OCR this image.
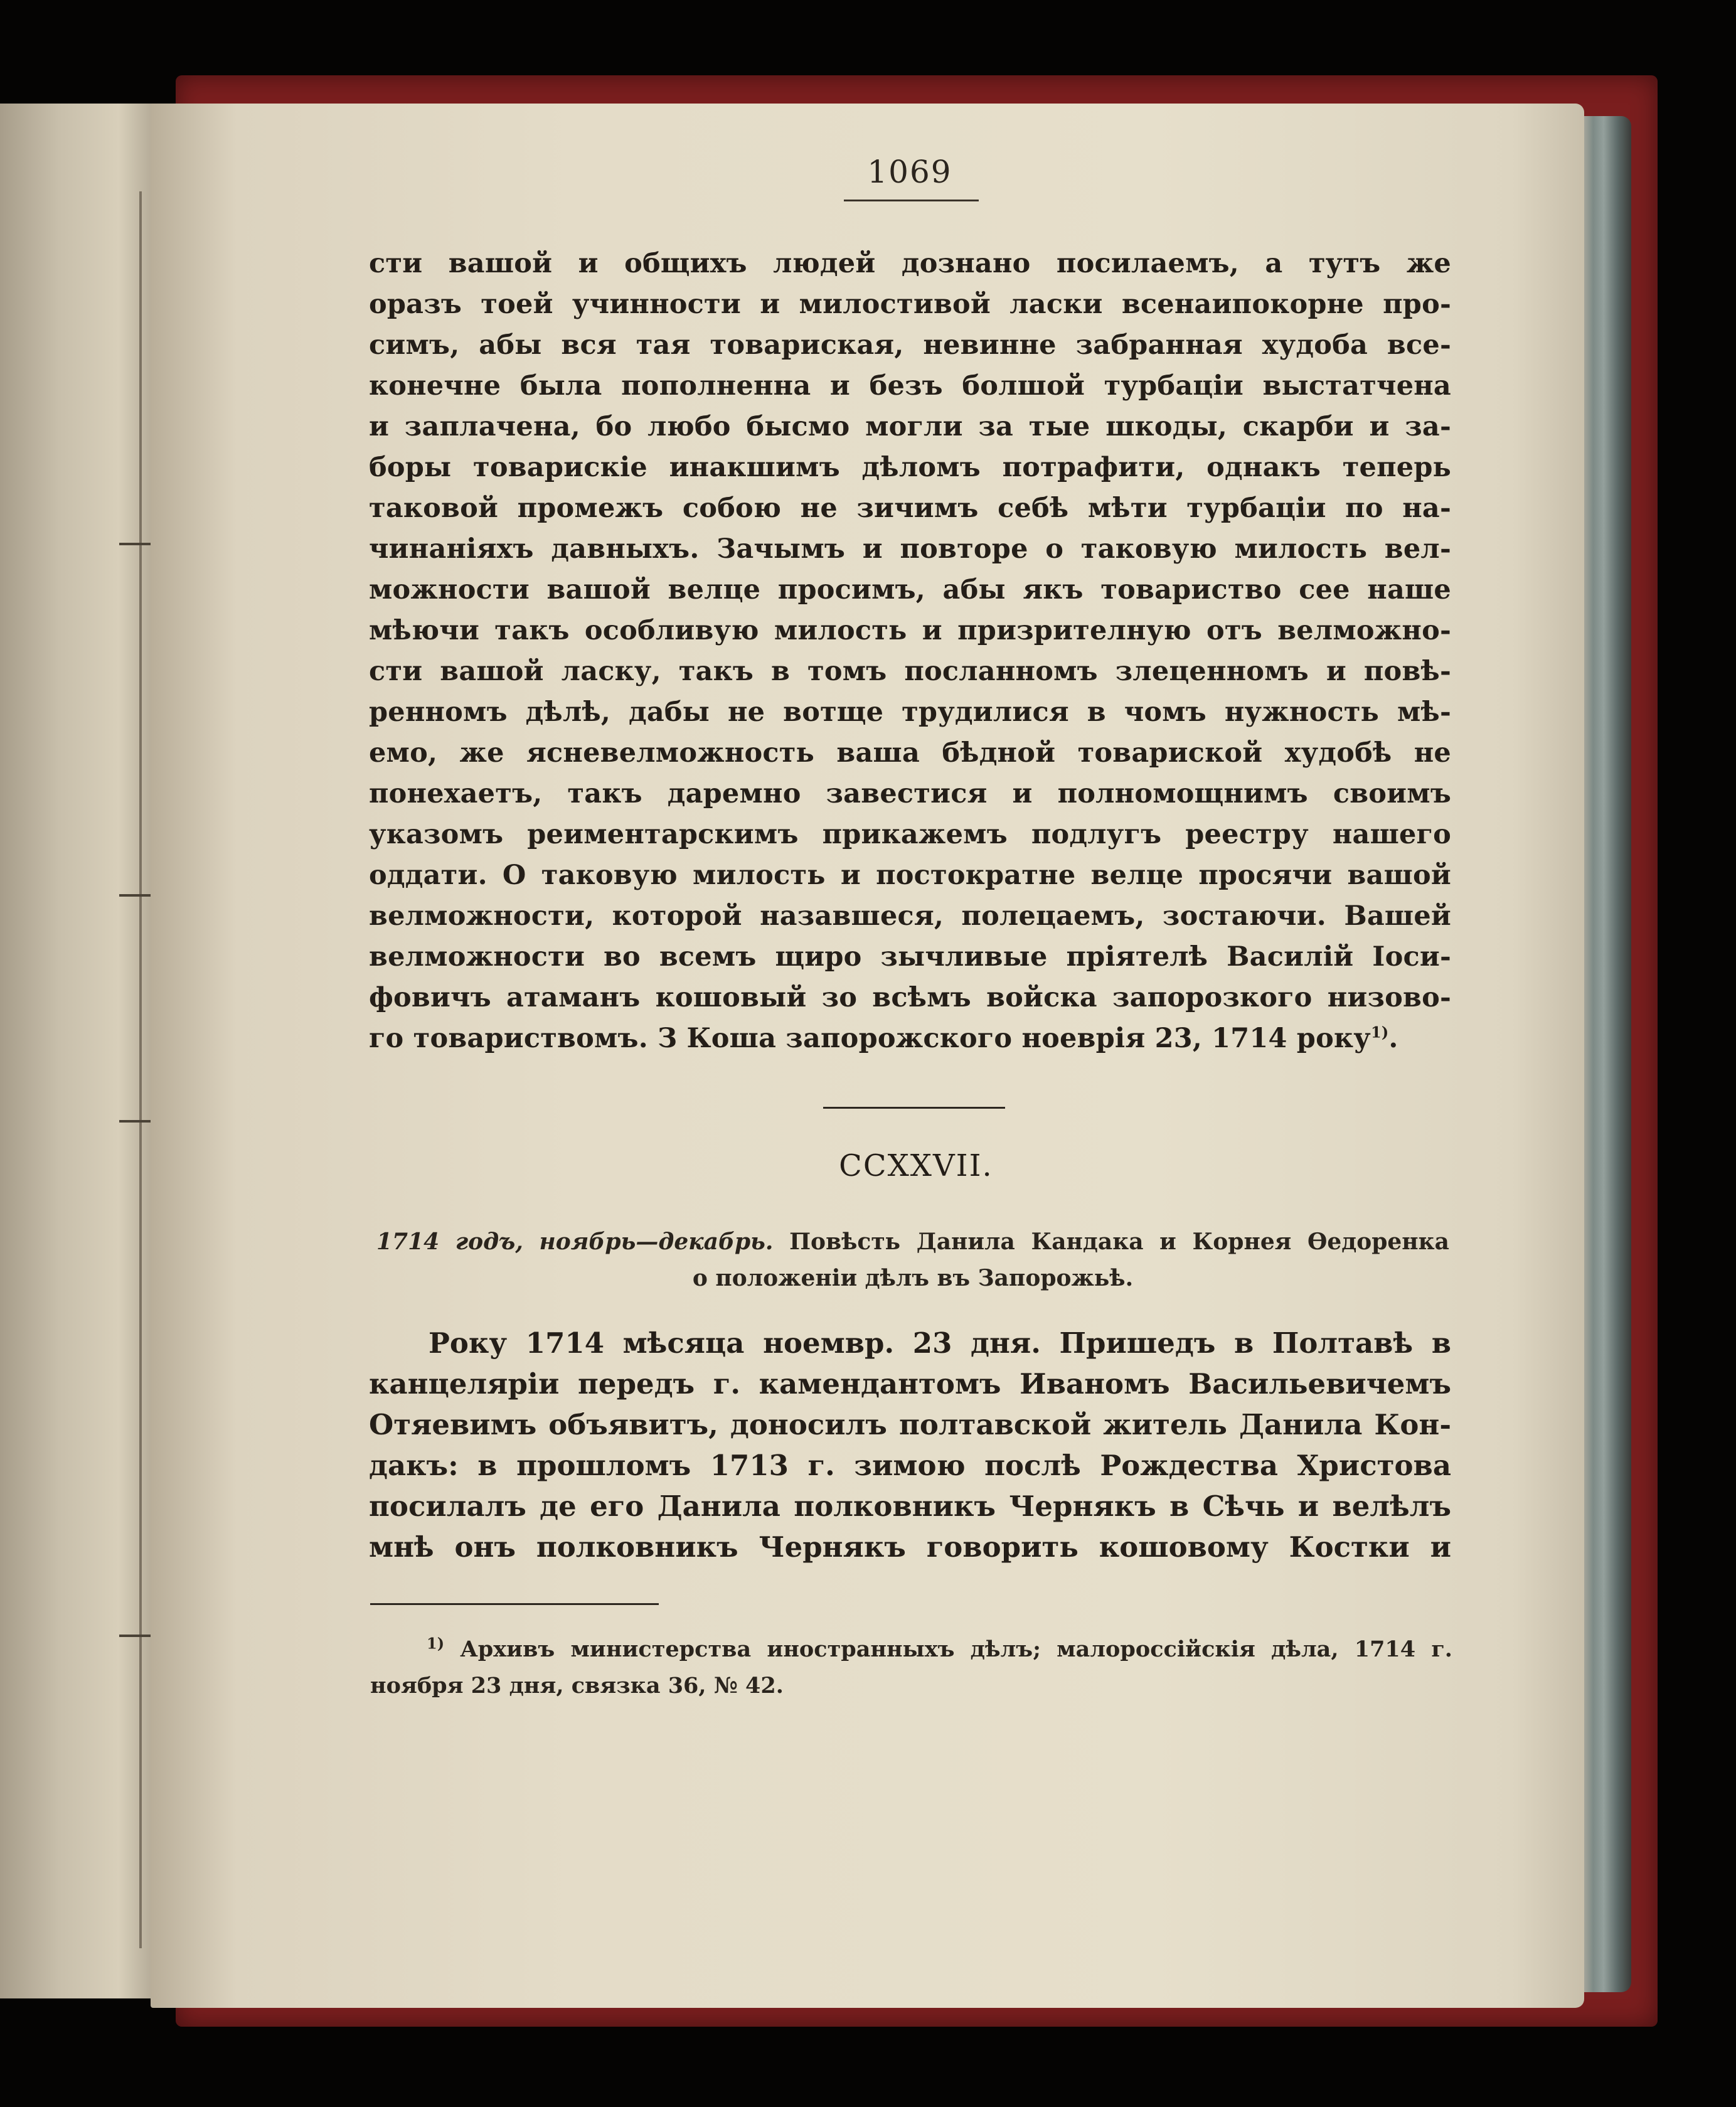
1069
сти вашой и общихъ людей дознано посилаемъ, а тутъ же
оразъ тоей учинности и милостивой ласки всенаипокорне про-
симъ, абы вся тая товариская, невинне забранная худоба все-
конечне была пополненна и безъ болшой турбаціи выстатчена
и заплачена, бо любо бысмо могли за тые шкоды, скарби и за-
боры товарискіе инакшимъ дѣломъ потрафити, однакъ теперь
таковой промежъ собою не зичимъ себѣ мѣти турбаціи по на-
чинаніяхъ давныхъ. Зачымъ и повторе о таковую милость вел-
можности вашой велце просимъ, абы якъ товариство сее наше
мѣючи такъ особливую милость и призрителную отъ велможно-
сти вашой ласку, такъ в томъ посланномъ злеценномъ и повѣ-
ренномъ дѣлѣ, дабы не вотще трудилися в чомъ нужность мѣ-
емо, же ясневелможность ваша бѣдной товариской худобѣ не
понехаетъ, такъ даремно завестися и полномощнимъ своимъ
указомъ реиментарскимъ прикажемъ подлугъ реестру нашего
оддати. О таковую милость и постократне велце просячи вашой
велможности, которой назавшеся, полецаемъ, зостаючи. Вашей
велможности во всемъ щиро зычливые пріятелѣ Василій Іоси-
фовичъ атаманъ кошовый зо всѣмъ войска запорозкого низово-
го товариствомъ. З Коша запорожского ноеврія 23, 1714 року$^{1)}$.
CCXXVII.
1714 годъ, ноябрь—декабрь. Повѣсть Данила Кандака и Корнея Ѳедоренка
о положеніи дѣлъ въ Запорожьѣ.
Року 1714 мѣсяца ноемвр. 23 дня. Пришедъ в Полтавѣ в
канцеляріи передъ г. камендантомъ Иваномъ Васильевичемъ
Отяевимъ объявитъ, доносилъ полтавской житель Данила Кон-
дакъ: в прошломъ 1713 г. зимою послѣ Рождества Христова
посилалъ де его Данила полковникъ Чернякъ в Сѣчь и велѣлъ
мнѣ онъ полковникъ Чернякъ говорить кошовому Костки и
$^{1)}$ Архивъ министерства иностранныхъ дѣлъ; малороссійскія дѣла, 1714 г.
ноября 23 дня, связка 36, № 42.
